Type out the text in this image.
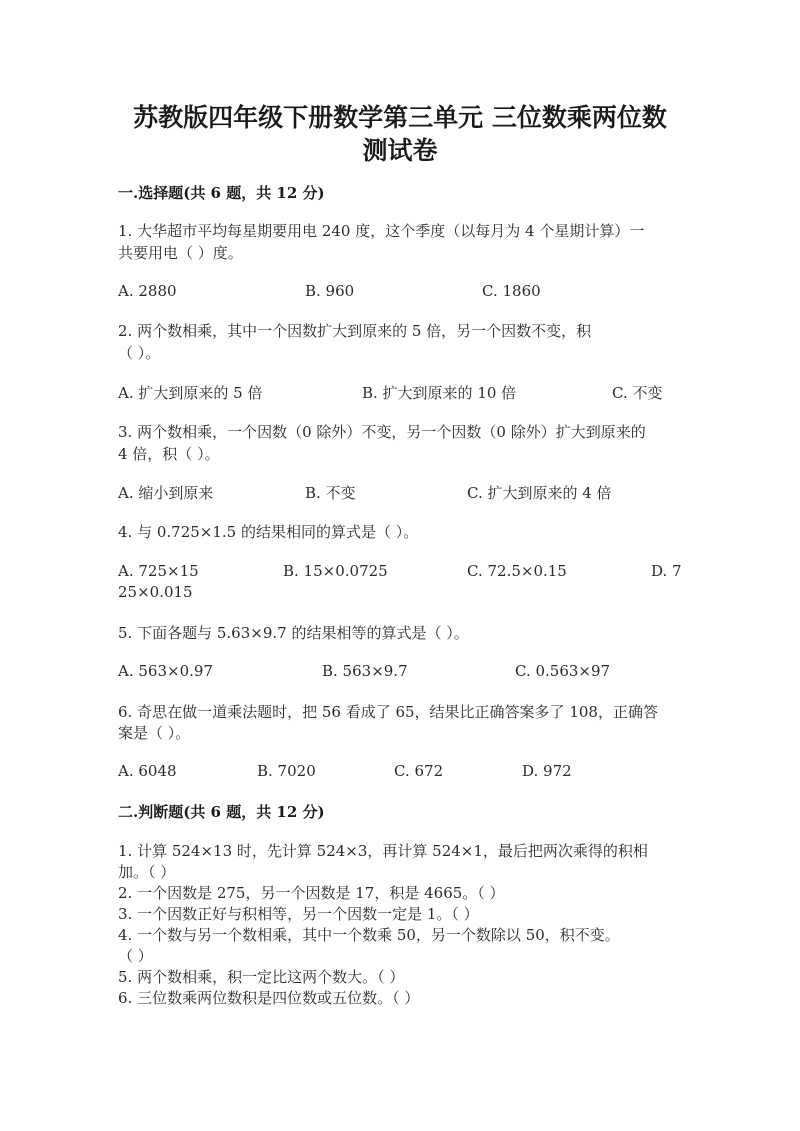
苏教版四年级下册数学第三单元 三位数乘两位数
测试卷
一.选择题(共 6 题，共 12 分)
1. 大华超市平均每星期要用电 240 度，这个季度（以每月为 4 个星期计算）一
共要用电（ ）度。
A. 2880	B. 960	C. 1860
2. 两个数相乘，其中一个因数扩大到原来的 5 倍，另一个因数不变，积
（ ）。
A. 扩大到原来的 5 倍	B. 扩大到原来的 10 倍	C. 不变
3. 两个数相乘，一个因数（0 除外）不变，另一个因数（0 除外）扩大到原来的
4 倍，积（ ）。
A. 缩小到原来	B. 不变	C. 扩大到原来的 4 倍
4. 与 0.725×1.5 的结果相同的算式是（ ）。
A. 725×15	B. 15×0.0725	C. 72.5×0.15	D. 7
25×0.015
5. 下面各题与 5.63×9.7 的结果相等的算式是（ ）。
A. 563×0.97	B. 563×9.7	C. 0.563×97
6. 奇思在做一道乘法题时，把 56 看成了 65，结果比正确答案多了 108，正确答
案是（ ）。
A. 6048	B. 7020	C. 672	D. 972
二.判断题(共 6 题，共 12 分)
1. 计算 524×13 时，先计算 524×3，再计算 524×1，最后把两次乘得的积相
加。（ ）
2. 一个因数是 275，另一个因数是 17，积是 4665。（ ）
3. 一个因数正好与积相等，另一个因数一定是 1。（ ）
4. 一个数与另一个数相乘，其中一个数乘 50，另一个数除以 50，积不变。
（ ）
5. 两个数相乘，积一定比这两个数大。（ ）
6. 三位数乘两位数积是四位数或五位数。（ ）
